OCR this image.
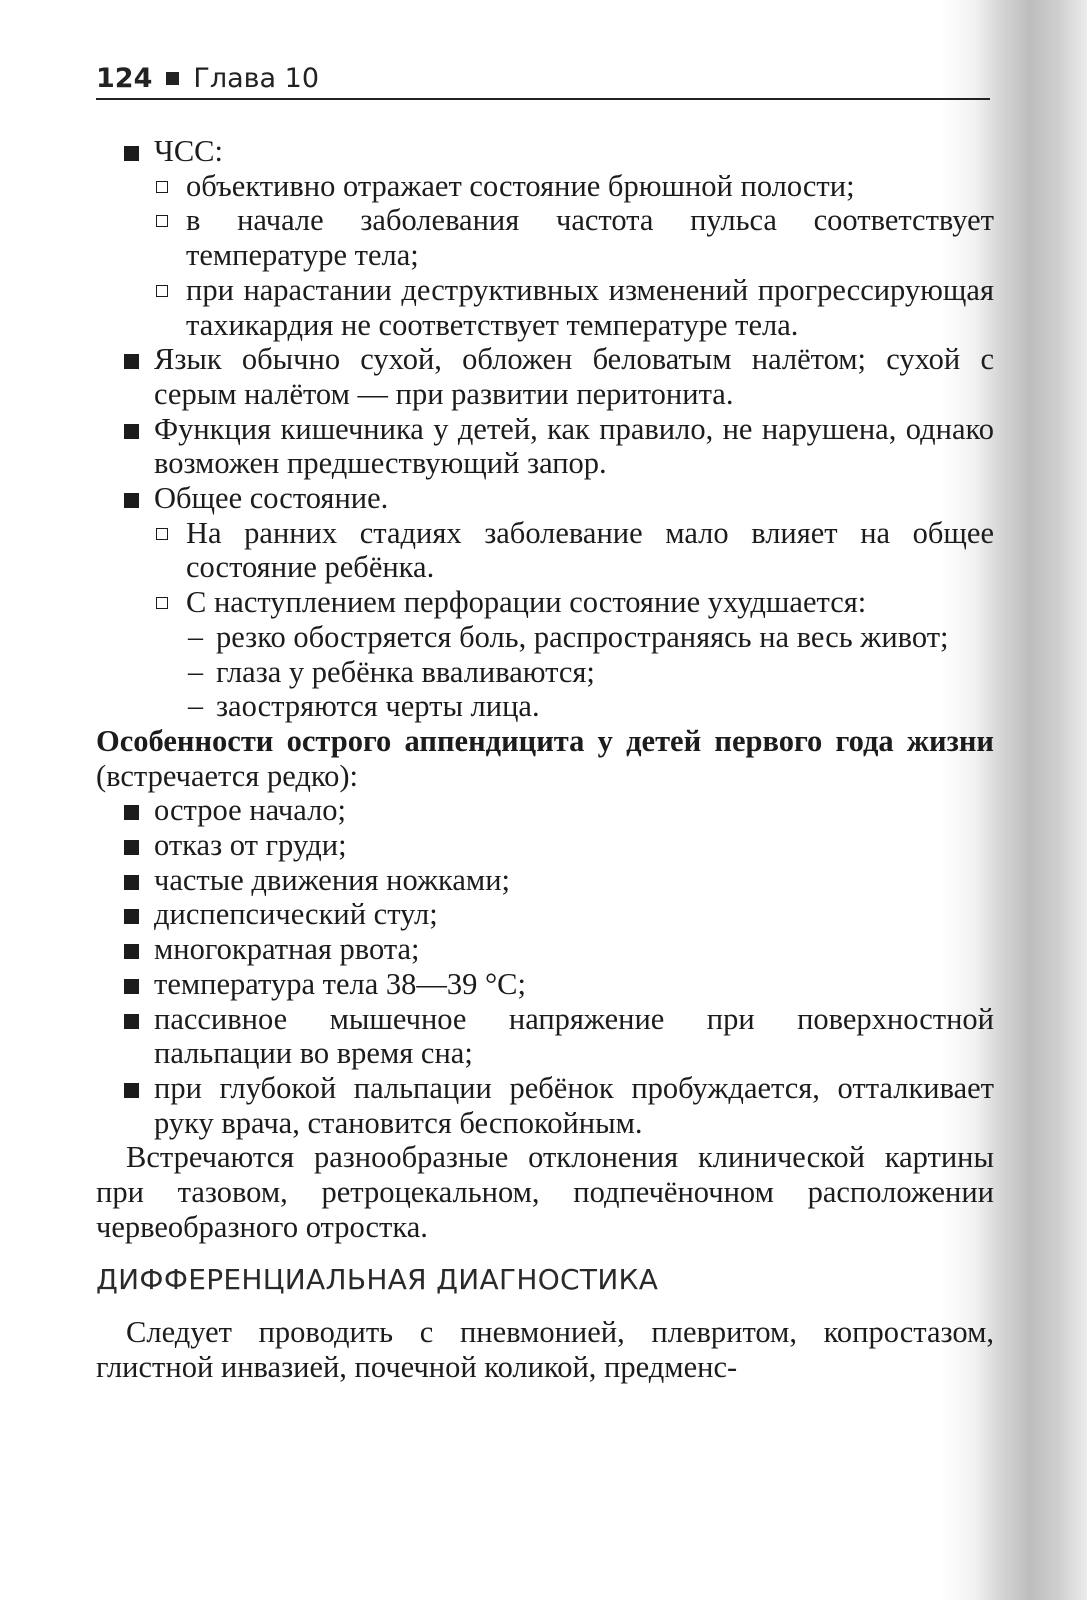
124 Глава 10
ЧСС:
объективно отражает состояние брюшной полости;
в начале заболевания частота пульса соответствует температуре тела;
при нарастании деструктивных изменений прогрессирующая тахикардия не соответствует температуре тела.
Язык обычно сухой, обложен беловатым налётом; сухой с серым налётом — при развитии перитонита.
Функция кишечника у детей, как правило, не нарушена, однако возможен предшествующий запор.
Общее состояние.
На ранних стадиях заболевание мало влияет на общее состояние ребёнка.
С наступлением перфорации состояние ухудшается:
– резко обостряется боль, распространяясь на весь живот;
– глаза у ребёнка вваливаются;
– заостряются черты лица.
Особенности острого аппендицита у детей первого года жизни (встречается редко):
острое начало;
отказ от груди;
частые движения ножками;
диспепсический стул;
многократная рвота;
температура тела 38—39 °С;
пассивное мышечное напряжение при поверхностной пальпации во время сна;
при глубокой пальпации ребёнок пробуждается, отталкивает руку врача, становится беспокойным.
Встречаются разнообразные отклонения клинической картины при тазовом, ретроцекальном, подпечёночном расположении червеобразного отростка.
ДИФФЕРЕНЦИАЛЬНАЯ ДИАГНОСТИКА
Следует проводить с пневмонией, плевритом, копростазом, глистной инвазией, почечной коликой, предменс-
